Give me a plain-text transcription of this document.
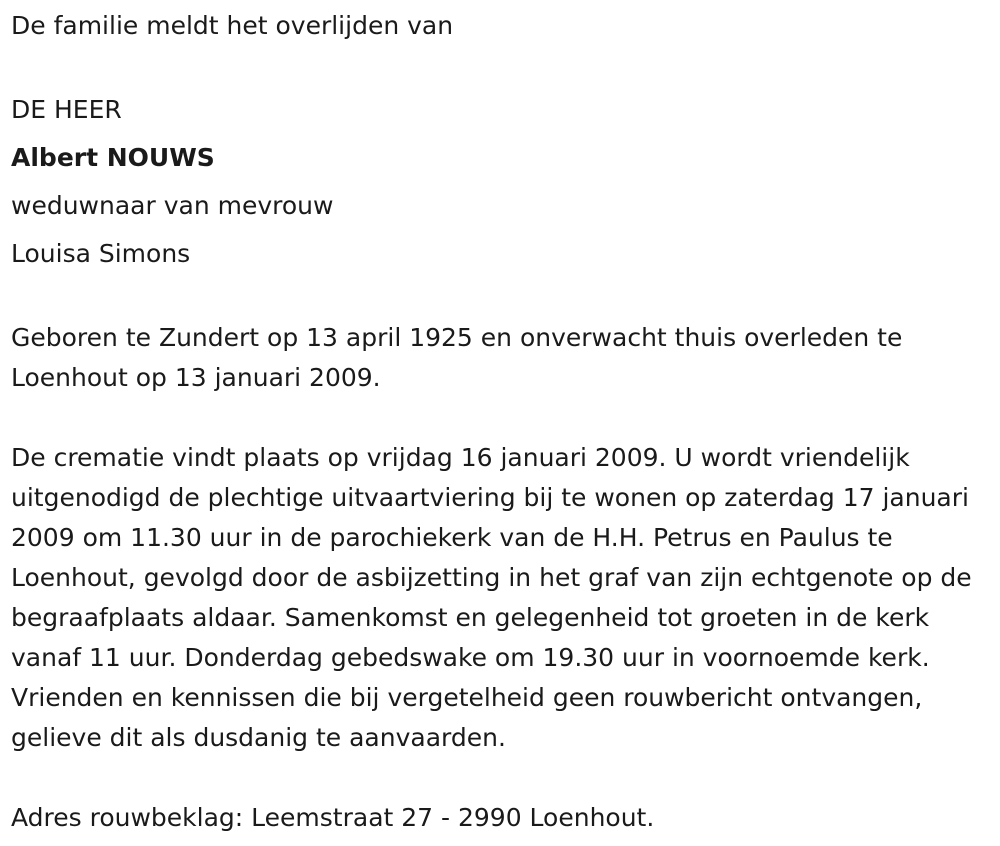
De familie meldt het overlijden van

DE HEER

Albert NOUWS

weduwnaar van mevrouw

Louisa Simons

Geboren te Zundert op 13 april 1925 en onverwacht thuis overleden te Loenhout op 13 januari 2009.

De crematie vindt plaats op vrijdag 16 januari 2009. U wordt vriendelijk uitgenodigd de plechtige uitvaartviering bij te wonen op zaterdag 17 januari 2009 om 11.30 uur in de parochiekerk van de H.H. Petrus en Paulus te Loenhout, gevolgd door de asbijzetting in het graf van zijn echtgenote op de begraafplaats aldaar. Samenkomst en gelegenheid tot groeten in de kerk vanaf 11 uur. Donderdag gebedswake om 19.30 uur in voornoemde kerk. Vrienden en kennissen die bij vergetelheid geen rouwbericht ontvangen, gelieve dit als dusdanig te aanvaarden.

Adres rouwbeklag: Leemstraat 27 - 2990 Loenhout.
